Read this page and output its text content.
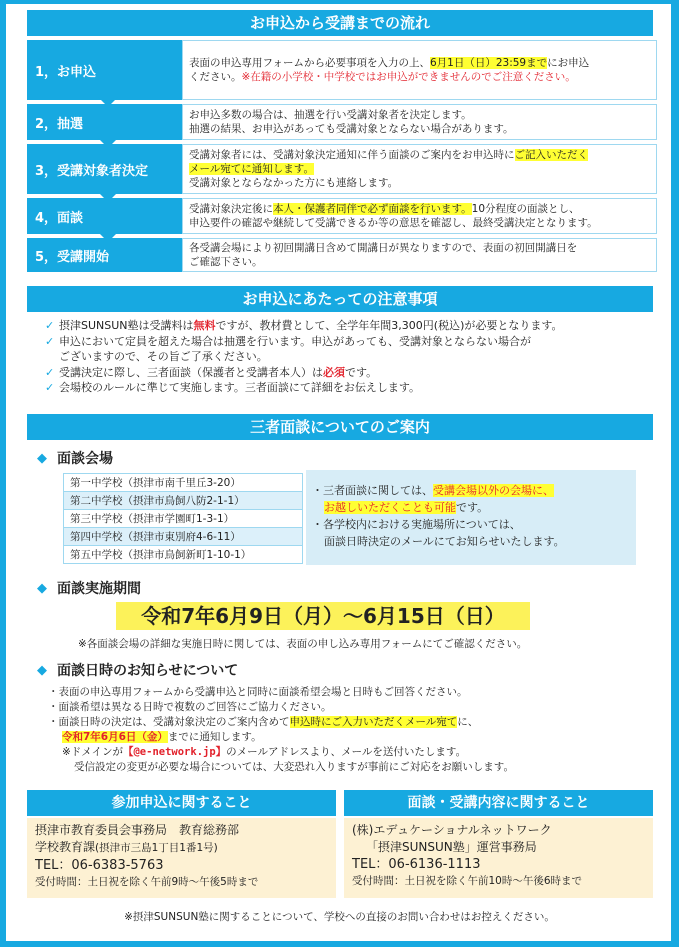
お申込から受講までの流れ
1，お申込
表面の申込専用フォームから必要事項を入力の上、6月1日（日）23:59までにお申込
ください。※在籍の小学校・中学校ではお申込ができませんのでご注意ください。
2，抽選
お申込多数の場合は、抽選を行い受講対象者を決定します。
抽選の結果、お申込があっても受講対象とならない場合があります。
3，受講対象者決定
受講対象者には、受講対象決定通知に伴う面談のご案内をお申込時にご記入いただく
メール宛てに通知します。
受講対象とならなかった方にも連絡します。
4，面談
受講対象決定後に本人・保護者同伴で必ず面談を行います。10分程度の面談とし、
申込要件の確認や継続して受講できるか等の意思を確認し、最終受講決定となります。
5，受講開始
各受講会場により初回開講日含めて開講日が異なりますので、表面の初回開講日を
ご確認下さい。
お申込にあたっての注意事項
✓ 摂津SUNSUN塾は受講料は無料ですが、教材費として、全学年年間3,300円(税込)が必要となります。
✓ 申込において定員を超えた場合は抽選を行います。申込があっても、受講対象とならない場合が
ございますので、その旨ご了承ください。
✓ 受講決定に際し、三者面談（保護者と受講者本人）は必須です。
✓ 会場校のルールに準じて実施します。三者面談にて詳細をお伝えします。
三者面談についてのご案内
◆ 面談会場
第一中学校（摂津市南千里丘3-20）
第二中学校（摂津市鳥飼八防2-1-1）
第三中学校（摂津市学園町1-3-1）
第四中学校（摂津市東別府4-6-11）
第五中学校（摂津市鳥飼新町1-10-1）
・三者面談に関しては、受講会場以外の会場に、
お越しいただくことも可能です。
・各学校内における実施場所については、
面談日時決定のメールにてお知らせいたします。
◆ 面談実施期間
令和7年6月9日（月）～6月15日（日）
※各面談会場の詳細な実施日時に関しては、表面の申し込み専用フォームにてご確認ください。
◆ 面談日時のお知らせについて
・表面の申込専用フォームから受講申込と同時に面談希望会場と日時もご回答ください。
・面談希望は異なる日時で複数のご回答にご協力ください。
・面談日時の決定は、受講対象決定のご案内含めて申込時にご入力いただくメール宛てに、
令和7年6月6日（金）までに通知します。
※ドメインが【@e-network.jp】のメールアドレスより、メールを送付いたします。
受信設定の変更が必要な場合については、大変恐れ入りますが事前にご対応をお願いします。
参加申込に関すること	面談・受講内容に関すること
摂津市教育委員会事務局　教育総務部
学校教育課(摂津市三島1丁目1番1号)
TEL：06-6383-5763
受付時間：土日祝を除く午前9時～午後5時まで
(株)エデュケーショナルネットワーク
「摂津SUNSUN塾」運営事務局
TEL：06-6136-1113
受付時間：土日祝を除く午前10時～午後6時まで
※摂津SUNSUN塾に関することについて、学校への直接のお問い合わせはお控えください。
